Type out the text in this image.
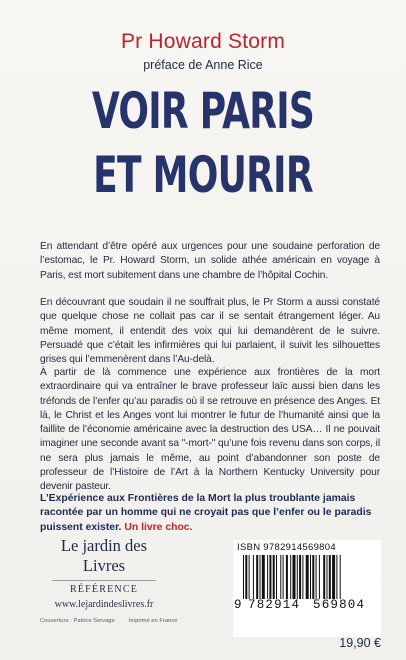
Pr Howard Storm
préface de Anne Rice
VOIR PARIS
ET MOURIR

En attendant d’être opéré aux urgences pour une soudaine perforation de l’estomac, le Pr. Howard Storm, un solide athée américain en voyage à Paris, est mort subitement dans une chambre de l’hôpital Cochin.

En découvrant que soudain il ne souffrait plus, le Pr Storm a aussi constaté que quelque chose ne collait pas car il se sentait étrangement léger. Au même moment, il entendit des voix qui lui demandèrent de le suivre. Persuadé que c’était les infirmières qui lui parlaient, il suivit les silhouettes grises qui l’emmenèrent dans l’Au-delà.

À partir de là commence une expérience aux frontières de la mort extraordinaire qui va entraîner le brave professeur laïc aussi bien dans les tréfonds de l’enfer qu’au paradis où il se retrouve en présence des Anges. Et là, le Christ et les Anges vont lui montrer le futur de l’humanité ainsi que la faillite de l’économie américaine avec la destruction des USA… Il ne pouvait imaginer une seconde avant sa "-mort-" qu’une fois revenu dans son corps, il ne sera plus jamais le même, au point d’abandonner son poste de professeur de l’Histoire de l’Art à la Northern Kentucky University pour devenir pasteur.

L’Expérience aux Frontières de la Mort la plus troublante jamais racontée par un homme qui ne croyait pas que l’enfer ou le paradis puissent exister. Un livre choc.

Le jardin des Livres
RÉFÉRENCE
www.lejardindeslivres.fr
Couverture : Patrice Servage Imprimé en France
ISBN 9782914569804
9 782914 569804
19,90 €
